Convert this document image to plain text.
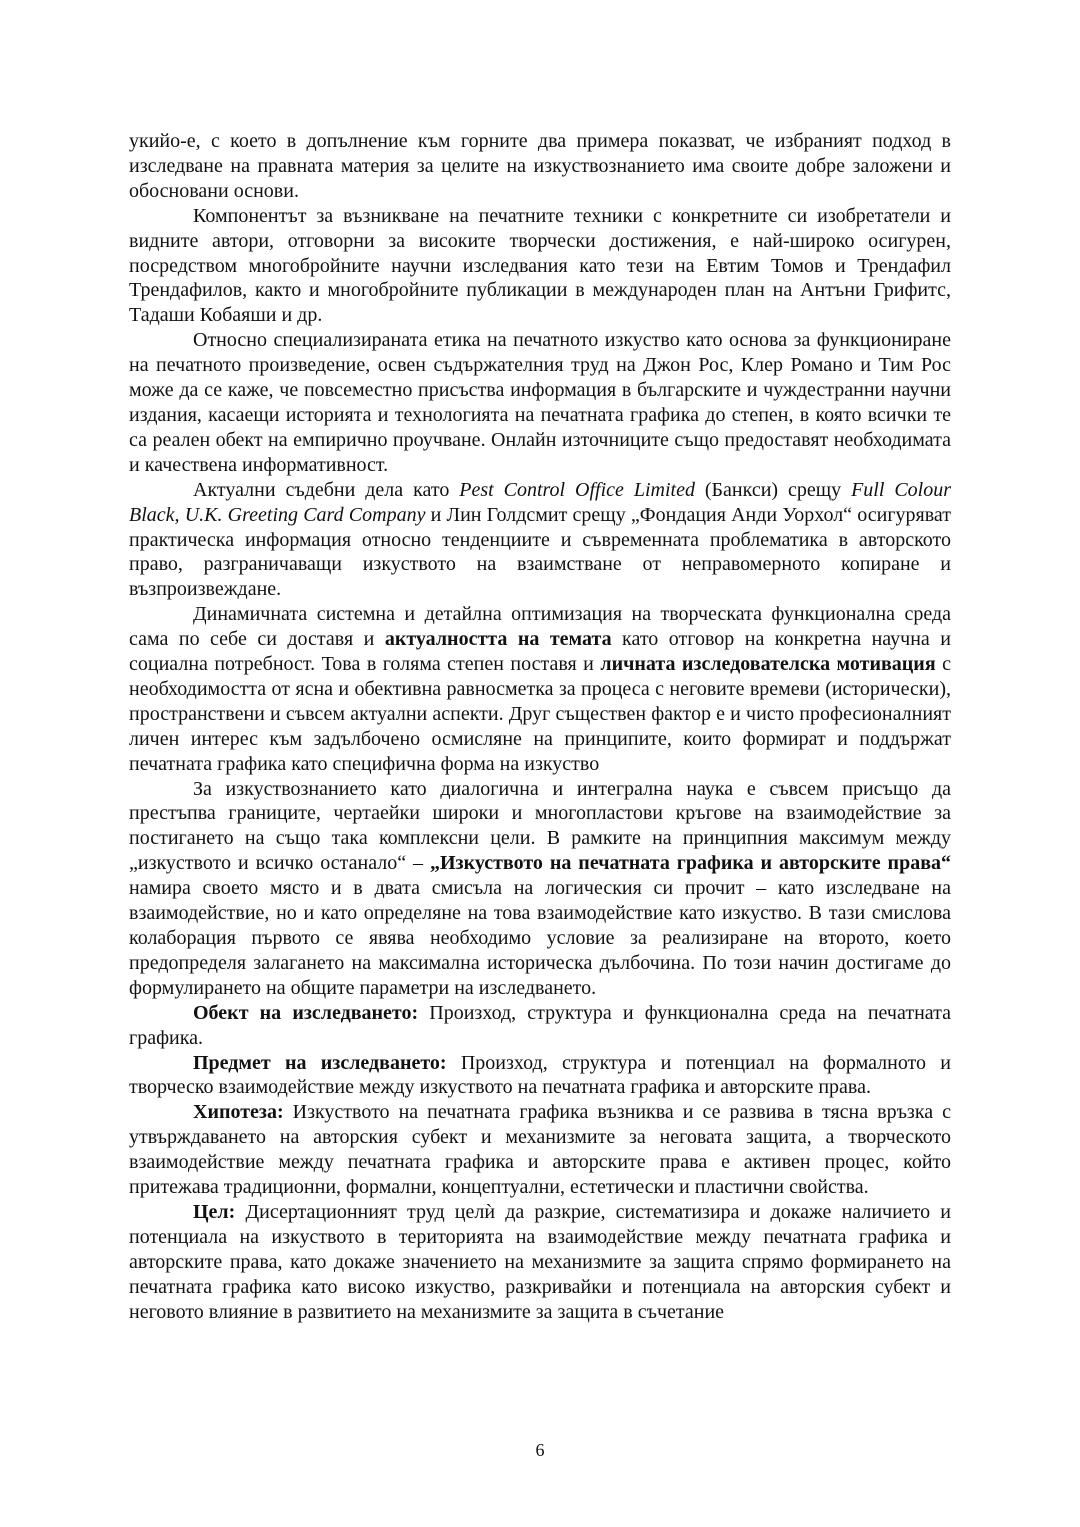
укийо-е, с което в допълнение към горните два примера показват, че избраният подход в изследване на правната материя за целите на изкуствознанието има своите добре заложени и обосновани основи.

Компонентът за възникване на печатните техники с конкретните си изобретатели и видните автори, отговорни за високите творчески достижения, е най-широко осигурен, посредством многобройните научни изследвания като тези на Евтим Томов и Трендафил Трендафилов, както и многобройните публикации в международен план на Антъни Грифитс, Тадаши Кобаяши и др.

Относно специализираната етика на печатното изкуство като основа за функциониране на печатното произведение, освен съдържателния труд на Джон Рос, Клер Романо и Тим Рос може да се каже, че повсеместно присъства информация в българските и чуждестранни научни издания, касаещи историята и технологията на печатната графика до степен, в която всички те са реален обект на емпирично проучване. Онлайн източниците също предоставят необходимата и качествена информативност.

Актуални съдебни дела като Pest Control Office Limited (Банкси) срещу Full Colour Black, U.K. Greeting Card Company и Лин Голдсмит срещу „Фондация Анди Уорхол“ осигуряват практическа информация относно тенденциите и съвременната проблематика в авторското право, разграничаващи изкуството на взаимстване от неправомерното копиране и възпроизвеждане.

Динамичната системна и детайлна оптимизация на творческата функционална среда сама по себе си доставя и актуалността на темата като отговор на конкретна научна и социална потребност. Това в голяма степен поставя и личната изследователска мотивация с необходимостта от ясна и обективна равносметка за процеса с неговите времеви (исторически), пространствени и съвсем актуални аспекти. Друг съществен фактор е и чисто професионалният личен интерес към задълбочено осмисляне на принципите, които формират и поддържат печатната графика като специфична форма на изкуство

За изкуствознанието като диалогична и интегрална наука е съвсем присъщо да престъпва границите, чертаейки широки и многопластови кръгове на взаимодействие за постигането на също така комплексни цели. В рамките на принципния максимум между „изкуството и всичко останало“ – „Изкуството на печатната графика и авторските права“ намира своето място и в двата смисъла на логическия си прочит – като изследване на взаимодействие, но и като определяне на това взаимодействие като изкуство. В тази смислова колаборация първото се явява необходимо условие за реализиране на второто, което предопределя залагането на максимална историческа дълбочина. По този начин достигаме до формулирането на общите параметри на изследването.

Обект на изследването: Произход, структура и функционална среда на печатната графика.

Предмет на изследването: Произход, структура и потенциал на формалното и творческо взаимодействие между изкуството на печатната графика и авторските права.

Хипотеза: Изкуството на печатната графика възниква и се развива в тясна връзка с утвърждаването на авторския субект и механизмите за неговата защита, а творческото взаимодействие между печатната графика и авторските права е активен процес, който притежава традиционни, формални, концептуални, естетически и пластични свойства.

Цел: Дисертационният труд целѝ да разкрие, систематизира и докаже наличието и потенциала на изкуството в територията на взаимодействие между печатната графика и авторските права, като докаже значението на механизмите за защита спрямо формирането на печатната графика като високо изкуство, разкривайки и потенциала на авторския субект и неговото влияние в развитието на механизмите за защита в съчетание

6
